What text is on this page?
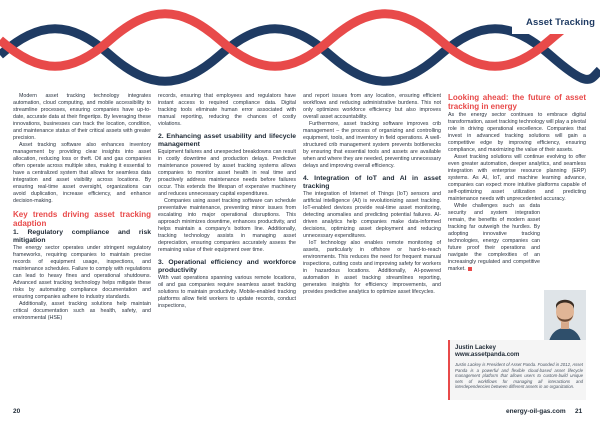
Asset Tracking

Modern asset tracking technology integrates automation, cloud computing, and mobile accessibility to streamline processes, ensuring companies have up-to-date, accurate data at their fingertips. By leveraging these innovations, businesses can track the location, condition, and maintenance status of their critical assets with greater precision.

Asset tracking software also enhances inventory management by providing clear insights into asset allocation, reducing loss or theft. Oil and gas companies often operate across multiple sites, making it essential to have a centralized system that allows for seamless data integration and asset visibility across locations. By ensuring real-time asset oversight, organizations can avoid duplication, increase efficiency, and enhance decision-making.

Key trends driving asset tracking adaption
1. Regulatory compliance and risk mitigation

The energy sector operates under stringent regulatory frameworks, requiring companies to maintain precise records of equipment usage, inspections, and maintenance schedules. Failure to comply with regulations can lead to heavy fines and operational shutdowns. Advanced asset tracking technology helps mitigate these risks by automating compliance documentation and ensuring companies adhere to industry standards.

Additionally, asset tracking solutions help maintain critical documentation such as health, safety, and environmental (HSE)

records, ensuring that employees and regulators have instant access to required compliance data. Digital tracking tools eliminate human error associated with manual reporting, reducing the chances of costly violations.

2. Enhancing asset usability and lifecycle management

Equipment failures and unexpected breakdowns can result in costly downtime and production delays. Predictive maintenance powered by asset tracking systems allows companies to monitor asset health in real time and proactively address maintenance needs before failures occur. This extends the lifespan of expensive machinery and reduces unnecessary capital expenditures.

Companies using asset tracking software can schedule preventative maintenance, preventing minor issues from escalating into major operational disruptions. This approach minimizes downtime, enhances productivity, and helps maintain a company's bottom line. Additionally, tracking technology assists in managing asset depreciation, ensuring companies accurately assess the remaining value of their equipment over time.

3. Operational efficiency and workforce productivity

With vast operations spanning various remote locations, oil and gas companies require seamless asset tracking solutions to maintain productivity. Mobile-enabled tracking platforms allow field workers to update records, conduct inspections,

and report issues from any location, ensuring efficient workflows and reducing administrative burdens. This not only optimizes workforce efficiency but also improves overall asset accountability.

Furthermore, asset tracking software improves crib management – the process of organizing and controlling equipment, tools, and inventory in field operations. A well-structured crib management system prevents bottlenecks by ensuring that essential tools and assets are available when and where they are needed, preventing unnecessary delays and improving overall efficiency.

4. Integration of IoT and AI in asset tracking

The integration of Internet of Things (IoT) sensors and artificial intelligence (AI) is revolutionizing asset tracking. IoT-enabled devices provide real-time asset monitoring, detecting anomalies and predicting potential failures. AI-driven analytics help companies make data-informed decisions, optimizing asset deployment and reducing unnecessary expenditures.

IoT technology also enables remote monitoring of assets, particularly in offshore or hard-to-reach environments. This reduces the need for frequent manual inspections, cutting costs and improving safety for workers in hazardous locations. Additionally, AI-powered automation in asset tracking streamlines reporting, generates insights for efficiency improvements, and provides predictive analytics to optimize asset lifecycles.

Looking ahead: the future of asset tracking in energy

As the energy sector continues to embrace digital transformation, asset tracking technology will play a pivotal role in driving operational excellence. Companies that invest in advanced tracking solutions will gain a competitive edge by improving efficiency, ensuring compliance, and maximizing the value of their assets.

Asset tracking solutions will continue evolving to offer even greater automation, deeper analytics, and seamless integration with enterprise resource planning (ERP) systems. As AI, IoT, and machine learning advance, companies can expect more intuitive platforms capable of self-optimizing asset utilization and predicting maintenance needs with unprecedented accuracy.

While challenges such as data security and system integration remain, the benefits of modern asset tracking far outweigh the hurdles. By adopting innovative tracking technologies, energy companies can future proof their operations and navigate the complexities of an increasingly regulated and competitive market.

Justin Lackey
www.assetpanda.com
Justin Lackey is President of Asset Panda. Founded in 2012, Asset Panda is a powerful and flexible cloud-based asset lifecycle management platform that allows users to custom-build unique sets of workflows for managing all interactions and interdependencies between different assets in an organization.
20	energy-oil-gas.com 21
